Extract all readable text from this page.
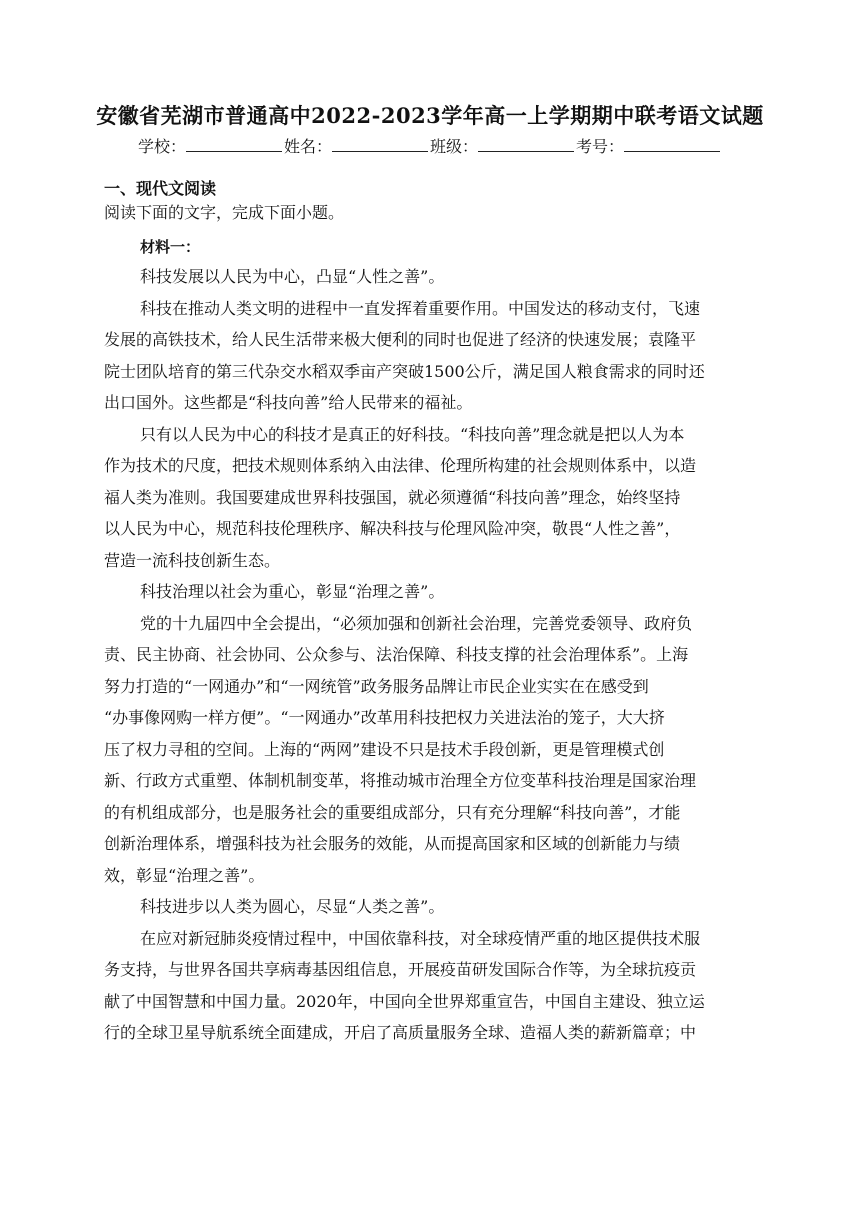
安徽省芜湖市普通高中2022-2023学年高一上学期期中联考语文试题
学校：	姓名：	班级：	考号：
一、现代文阅读
阅读下面的文字，完成下面小题。
材料一：
科技发展以人民为中心，凸显“人性之善”。
科技在推动人类文明的进程中一直发挥着重要作用。中国发达的移动支付，飞速
发展的高铁技术，给人民生活带来极大便利的同时也促进了经济的快速发展；袁隆平
院士团队培育的第三代杂交水稻双季亩产突破1500公斤，满足国人粮食需求的同时还
出口国外。这些都是“科技向善”给人民带来的福祉。
只有以人民为中心的科技才是真正的好科技。“科技向善”理念就是把以人为本
作为技术的尺度，把技术规则体系纳入由法律、伦理所构建的社会规则体系中，以造
福人类为准则。我国要建成世界科技强国，就必须遵循“科技向善”理念，始终坚持
以人民为中心，规范科技伦理秩序、解决科技与伦理风险冲突，敬畏“人性之善”，
营造一流科技创新生态。
科技治理以社会为重心，彰显“治理之善”。
党的十九届四中全会提出，“必须加强和创新社会治理，完善党委领导、政府负
责、民主协商、社会协同、公众参与、法治保障、科技支撑的社会治理体系”。上海
努力打造的“一网通办”和“一网统管”政务服务品牌让市民企业实实在在感受到
“办事像网购一样方便”。“一网通办”改革用科技把权力关进法治的笼子，大大挤
压了权力寻租的空间。上海的“两网”建设不只是技术手段创新，更是管理模式创
新、行政方式重塑、体制机制变革，将推动城市治理全方位变革科技治理是国家治理
的有机组成部分，也是服务社会的重要组成部分，只有充分理解“科技向善”，才能
创新治理体系，增强科技为社会服务的效能，从而提高国家和区域的创新能力与绩
效，彰显“治理之善”。
科技进步以人类为圆心，尽显“人类之善”。
在应对新冠肺炎疫情过程中，中国依靠科技，对全球疫情严重的地区提供技术服
务支持，与世界各国共享病毒基因组信息，开展疫苗研发国际合作等，为全球抗疫贡
献了中国智慧和中国力量。2020年，中国向全世界郑重宣告，中国自主建设、独立运
行的全球卫星导航系统全面建成，开启了高质量服务全球、造福人类的薪新篇章；中
